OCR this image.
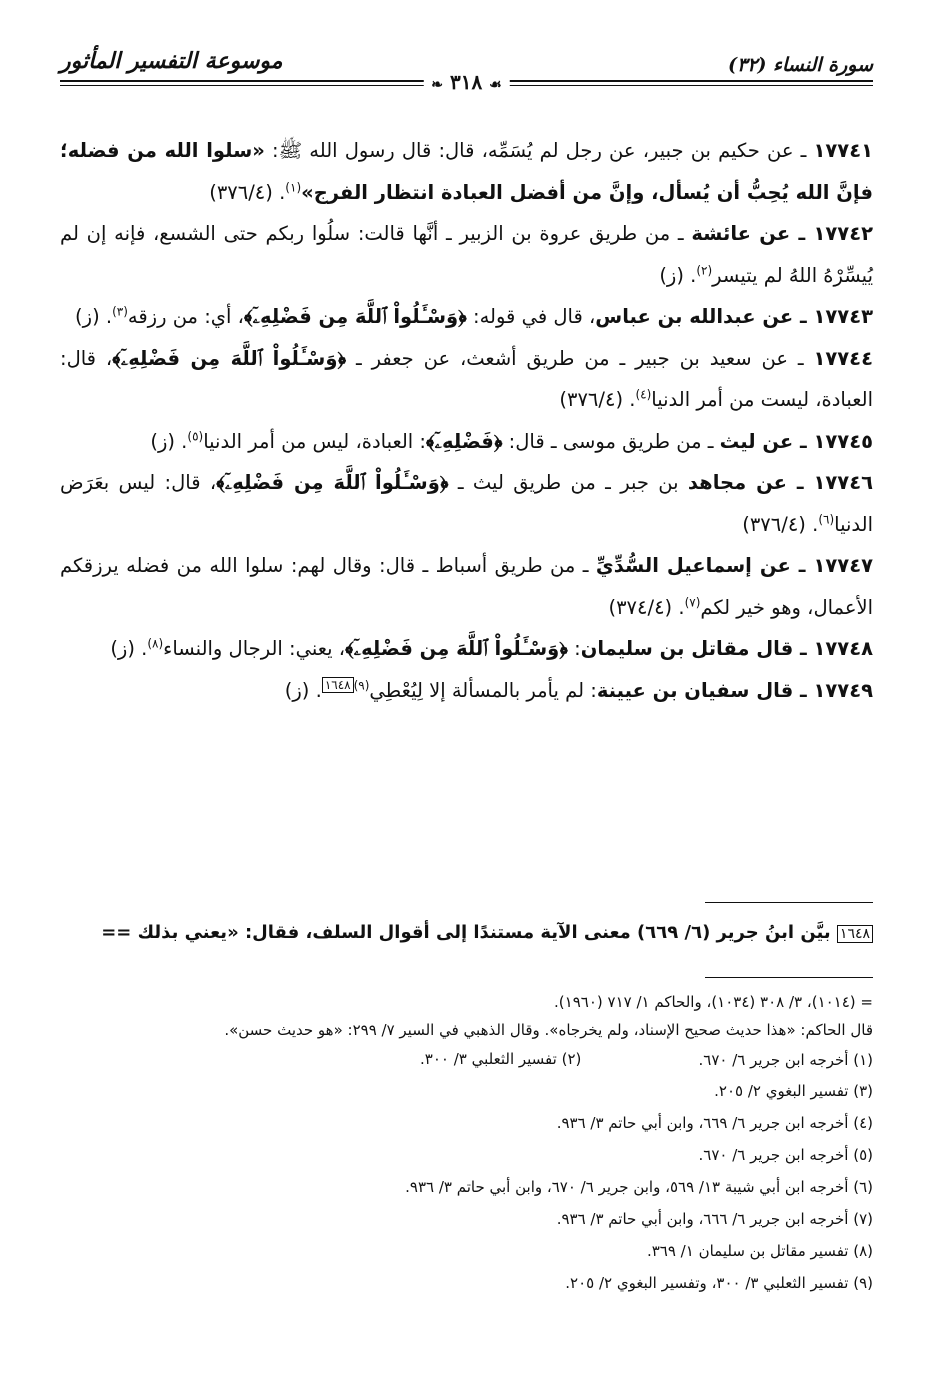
موسوعة التفسير المأثور	سورة النساء (٣٢)
❧ ٣١٨ ☙

١٧٧٤١ ـ عن حكيم بن جبير، عن رجل لم يُسَمِّه، قال: قال رسول الله ﷺ: «سلوا الله من فضله؛ فإنَّ الله يُحِبُّ أن يُسأل، وإنَّ من أفضل العبادة انتظار الفرج»$^{(١)}$. (٣٧٦/٤)

١٧٧٤٢ ـ عن عائشة ـ من طريق عروة بن الزبير ـ أنَّها قالت: سلُوا ربكم حتى الشسع، فإنه إن لم يُيسِّرْهُ اللهُ لم يتيسر$^{(٢)}$. (ز)

١٧٧٤٣ ـ عن عبدالله بن عباس، قال في قوله: ﴿وَسْـَٔلُواْ ٱللَّهَ مِن فَضْلِهِۦٓ﴾، أي: من رزقه$^{(٣)}$. (ز)

١٧٧٤٤ ـ عن سعيد بن جبير ـ من طريق أشعث، عن جعفر ـ ﴿وَسْـَٔلُواْ ٱللَّهَ مِن فَضْلِهِۦٓ﴾، قال: العبادة، ليست من أمر الدنيا$^{(٤)}$. (٣٧٦/٤)

١٧٧٤٥ ـ عن ليث ـ من طريق موسى ـ قال: ﴿فَضْلِهِۦٓ﴾: العبادة، ليس من أمر الدنيا$^{(٥)}$. (ز)

١٧٧٤٦ ـ عن مجاهد بن جبر ـ من طريق ليث ـ ﴿وَسْـَٔلُواْ ٱللَّهَ مِن فَضْلِهِۦٓ﴾، قال: ليس بعَرَض الدنيا$^{(٦)}$. (٣٧٦/٤)

١٧٧٤٧ ـ عن إسماعيل السُّدِّيِّ ـ من طريق أسباط ـ قال: وقال لهم: سلوا الله من فضله يرزقكم الأعمال، وهو خير لكم$^{(٧)}$. (٣٧٤/٤)

١٧٧٤٨ ـ قال مقاتل بن سليمان: ﴿وَسْـَٔلُواْ ٱللَّهَ مِن فَضْلِهِۦٓ﴾، يعني: الرجال والنساء$^{(٨)}$. (ز)

١٧٧٤٩ ـ قال سفيان بن عيينة: لم يأمر بالمسألة إلا لِيُعْطِي$^{(٩)١٦٤٨}$. (ز)

١٦٤٨ بيَّن ابنُ جرير (٦/ ٦٦٩) معنى الآية مستندًا إلى أقوال السلف، فقال: «يعني بذلك ==
= (١٠١٤)، ٣/ ٣٠٨ (١٠٣٤)، والحاكم ١/ ٧١٧ (١٩٦٠).
قال الحاكم: «هذا حديث صحيح الإسناد، ولم يخرجاه». وقال الذهبي في السير ٧/ ٢٩٩: «هو حديث حسن».
(١) أخرجه ابن جرير ٦/ ٦٧٠.
(٢) تفسير الثعلبي ٣/ ٣٠٠.
(٣) تفسير البغوي ٢/ ٢٠٥.
(٤) أخرجه ابن جرير ٦/ ٦٦٩، وابن أبي حاتم ٣/ ٩٣٦.
(٥) أخرجه ابن جرير ٦/ ٦٧٠.
(٦) أخرجه ابن أبي شيبة ١٣/ ٥٦٩، وابن جرير ٦/ ٦٧٠، وابن أبي حاتم ٣/ ٩٣٦.
(٧) أخرجه ابن جرير ٦/ ٦٦٦، وابن أبي حاتم ٣/ ٩٣٦.
(٨) تفسير مقاتل بن سليمان ١/ ٣٦٩.
(٩) تفسير الثعلبي ٣/ ٣٠٠، وتفسير البغوي ٢/ ٢٠٥.
